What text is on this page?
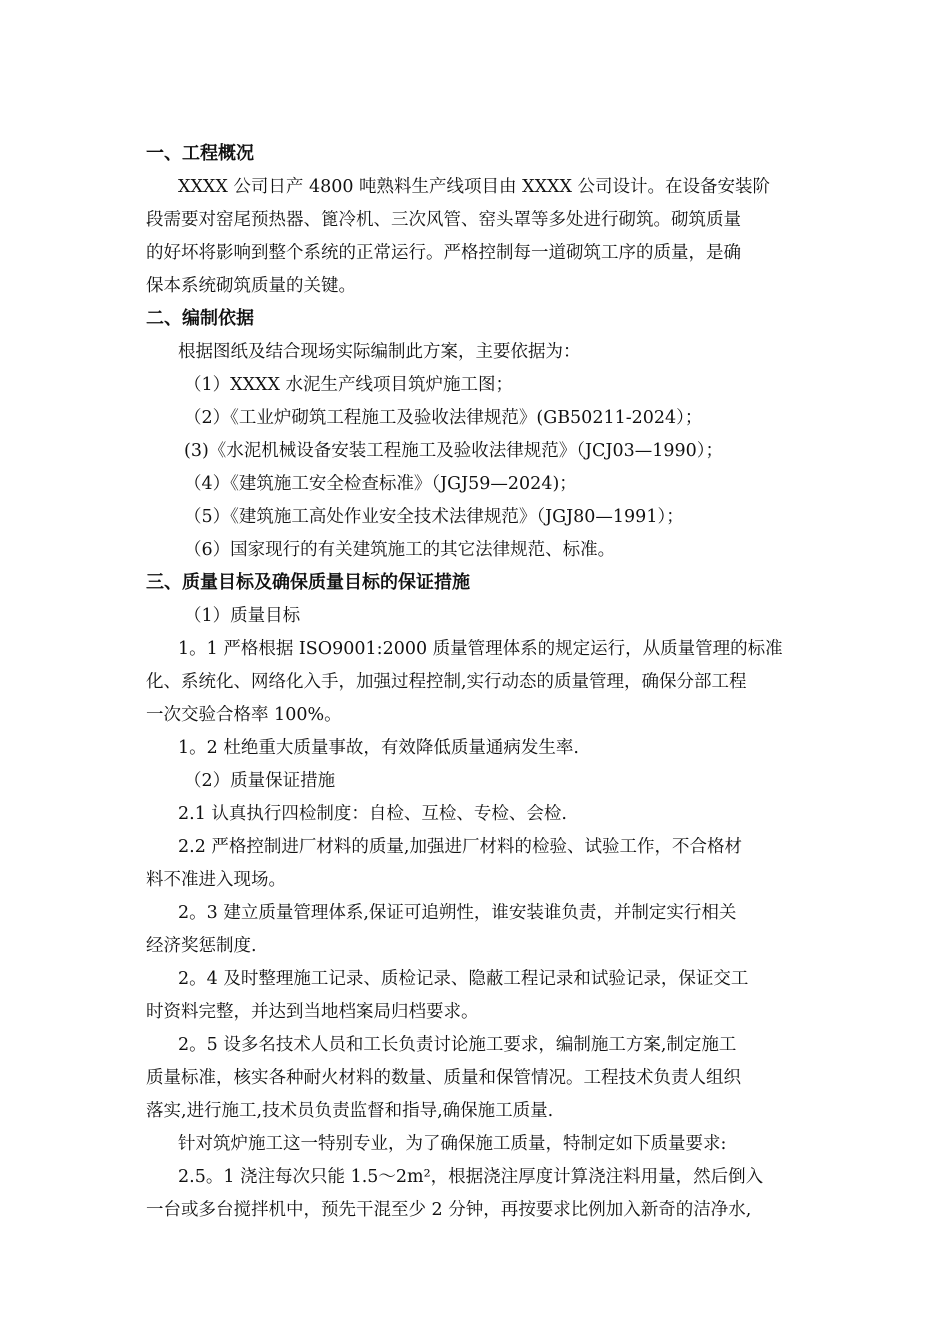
一、工程概况
XXXX 公司日产 4800 吨熟料生产线项目由 XXXX 公司设计。在设备安装阶
段需要对窑尾预热器、篦冷机、三次风管、窑头罩等多处进行砌筑。砌筑质量
的好坏将影响到整个系统的正常运行。严格控制每一道砌筑工序的质量，是确
保本系统砌筑质量的关键。
二、编制依据
根据图纸及结合现场实际编制此方案，主要依据为：
（1）XXXX 水泥生产线项目筑炉施工图；
（2）《工业炉砌筑工程施工及验收法律规范》(GB50211-2024）；
(3)《水泥机械设备安装工程施工及验收法律规范》（JCJ03—1990）；
（4）《建筑施工安全检查标准》（JGJ59—2024)；
（5）《建筑施工高处作业安全技术法律规范》（JGJ80—1991）；
（6）国家现行的有关建筑施工的其它法律规范、标准。
三、质量目标及确保质量目标的保证措施
（1）质量目标
1。1 严格根据 ISO9001:2000 质量管理体系的规定运行，从质量管理的标准
化、系统化、网络化入手，加强过程控制,实行动态的质量管理，确保分部工程
一次交验合格率 100%。
1。2 杜绝重大质量事故，有效降低质量通病发生率.
（2）质量保证措施
2.1 认真执行四检制度：自检、互检、专检、会检.
2.2 严格控制进厂材料的质量,加强进厂材料的检验、试验工作，不合格材
料不准进入现场。
2。3 建立质量管理体系,保证可追朔性，谁安装谁负责，并制定实行相关
经济奖惩制度.
2。4 及时整理施工记录、质检记录、隐蔽工程记录和试验记录，保证交工
时资料完整，并达到当地档案局归档要求。
2。5 设多名技术人员和工长负责讨论施工要求，编制施工方案,制定施工
质量标准，核实各种耐火材料的数量、质量和保管情况。工程技术负责人组织
落实,进行施工,技术员负责监督和指导,确保施工质量.
针对筑炉施工这一特别专业，为了确保施工质量，特制定如下质量要求:
2.5。1 浇注每次只能 1.5～2m²，根据浇注厚度计算浇注料用量，然后倒入
一台或多台搅拌机中，预先干混至少 2 分钟，再按要求比例加入新奇的洁净水,
